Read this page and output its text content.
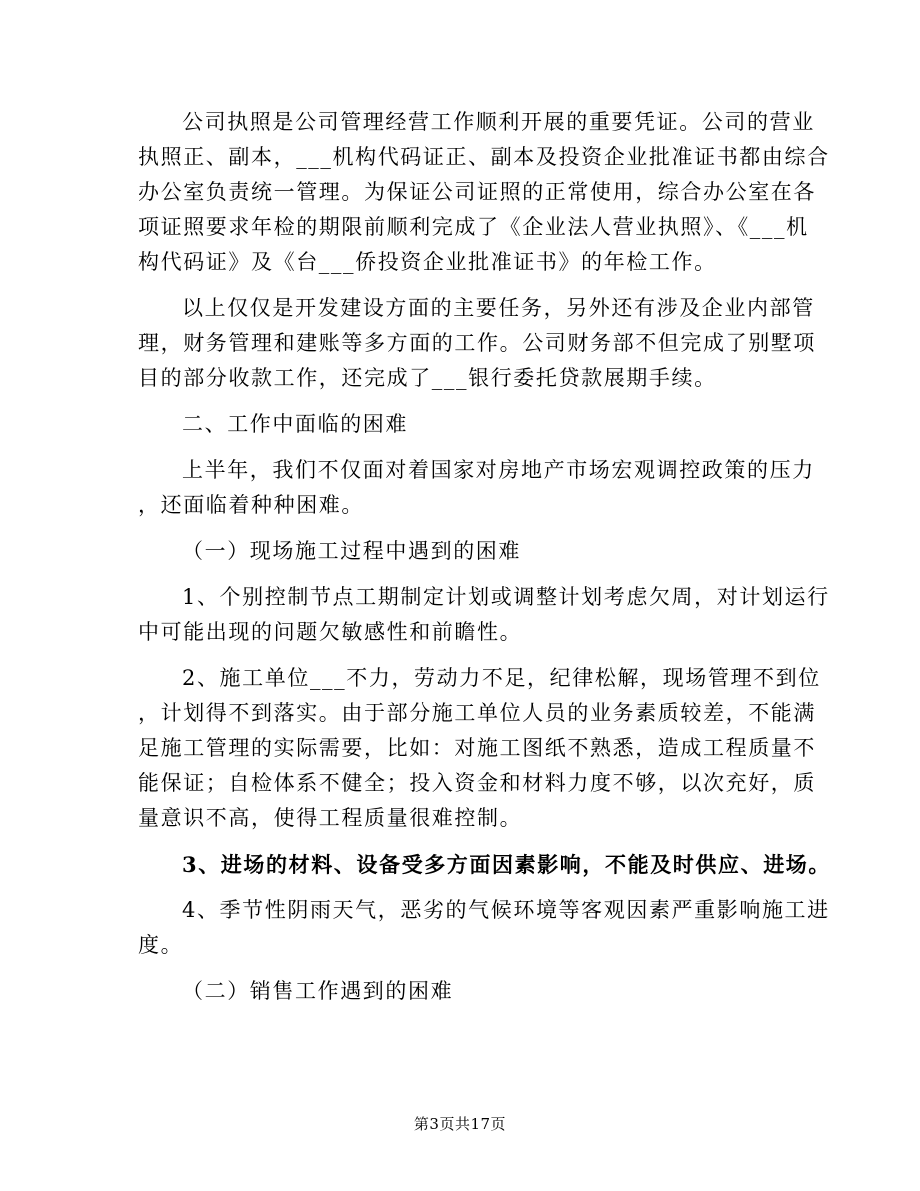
公司执照是公司管理经营工作顺利开展的重要凭证。公司的营业
执照正、副本，___机构代码证正、副本及投资企业批准证书都由综合
办公室负责统一管理。为保证公司证照的正常使用，综合办公室在各
项证照要求年检的期限前顺利完成了《企业法人营业执照》、《___机
构代码证》及《台___侨投资企业批准证书》的年检工作。

以上仅仅是开发建设方面的主要任务，另外还有涉及企业内部管
理，财务管理和建账等多方面的工作。公司财务部不但完成了别墅项
目的部分收款工作，还完成了___银行委托贷款展期手续。

二、工作中面临的困难

上半年，我们不仅面对着国家对房地产市场宏观调控政策的压力
，还面临着种种困难。

（一）现场施工过程中遇到的困难

1、个别控制节点工期制定计划或调整计划考虑欠周，对计划运行
中可能出现的问题欠敏感性和前瞻性。

2、施工单位___不力，劳动力不足，纪律松解，现场管理不到位
，计划得不到落实。由于部分施工单位人员的业务素质较差，不能满
足施工管理的实际需要，比如：对施工图纸不熟悉，造成工程质量不
能保证；自检体系不健全；投入资金和材料力度不够，以次充好，质
量意识不高，使得工程质量很难控制。

3、进场的材料、设备受多方面因素影响，不能及时供应、进场。

4、季节性阴雨天气，恶劣的气候环境等客观因素严重影响施工进
度。

（二）销售工作遇到的困难

第3页共17页
